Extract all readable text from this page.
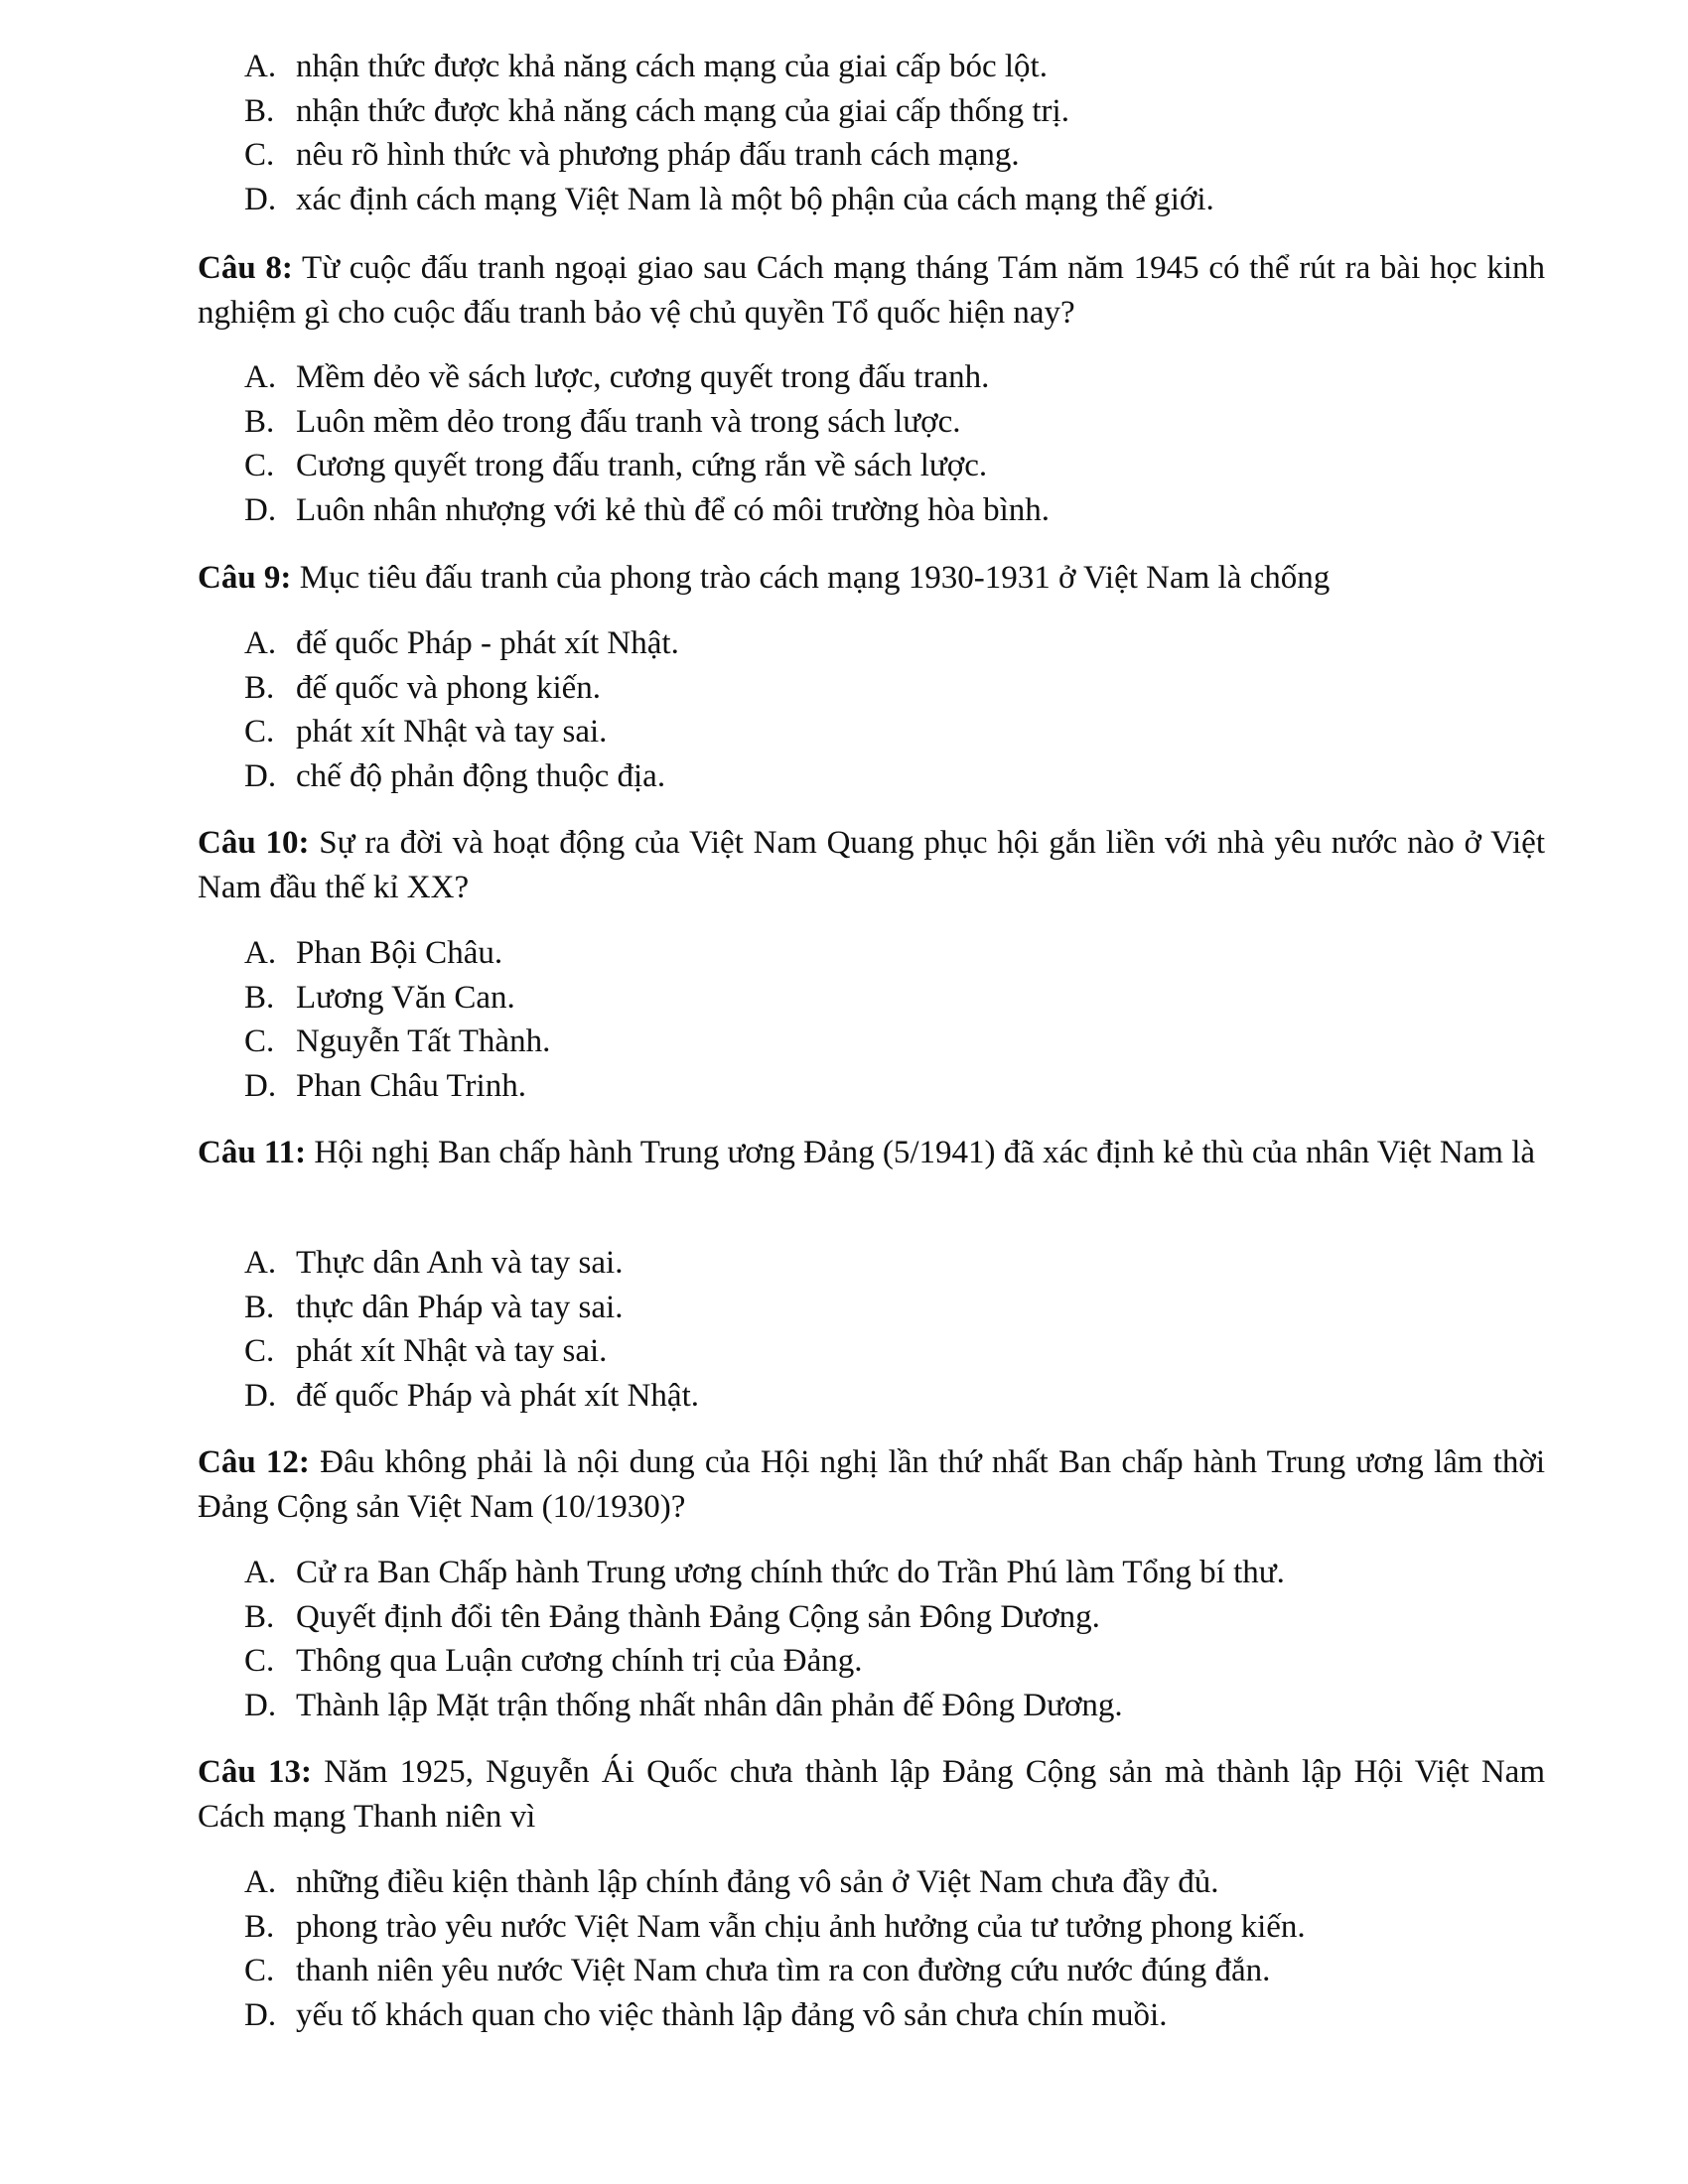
A. nhận thức được khả năng cách mạng của giai cấp bóc lột.
B. nhận thức được khả năng cách mạng của giai cấp thống trị.
C. nêu rõ hình thức và phương pháp đấu tranh cách mạng.
D. xác định cách mạng Việt Nam là một bộ phận của cách mạng thế giới.
Câu 8: Từ cuộc đấu tranh ngoại giao sau Cách mạng tháng Tám năm 1945 có thể rút ra bài học kinh nghiệm gì cho cuộc đấu tranh bảo vệ chủ quyền Tổ quốc hiện nay?
A. Mềm dẻo về sách lược, cương quyết trong đấu tranh.
B. Luôn mềm dẻo trong đấu tranh và trong sách lược.
C. Cương quyết trong đấu tranh, cứng rắn về sách lược.
D. Luôn nhân nhượng với kẻ thù để có môi trường hòa bình.
Câu 9: Mục tiêu đấu tranh của phong trào cách mạng 1930-1931 ở Việt Nam là chống
A. đế quốc Pháp - phát xít Nhật.
B. đế quốc và phong kiến.
C. phát xít Nhật và tay sai.
D. chế độ phản động thuộc địa.
Câu 10: Sự ra đời và hoạt động của Việt Nam Quang phục hội gắn liền với nhà yêu nước nào ở Việt Nam đầu thế kỉ XX?
A. Phan Bội Châu.
B. Lương Văn Can.
C. Nguyễn Tất Thành.
D. Phan Châu Trinh.
Câu 11: Hội nghị Ban chấp hành Trung ương Đảng (5/1941) đã xác định kẻ thù của nhân Việt Nam là
A. Thực dân Anh và tay sai.
B. thực dân Pháp và tay sai.
C. phát xít Nhật và tay sai.
D. đế quốc Pháp và phát xít Nhật.
Câu 12: Đâu không phải là nội dung của Hội nghị lần thứ nhất Ban chấp hành Trung ương lâm thời Đảng Cộng sản Việt Nam (10/1930)?
A. Cử ra Ban Chấp hành Trung ương chính thức do Trần Phú làm Tổng bí thư.
B. Quyết định đổi tên Đảng thành Đảng Cộng sản Đông Dương.
C. Thông qua Luận cương chính trị của Đảng.
D. Thành lập Mặt trận thống nhất nhân dân phản đế Đông Dương.
Câu 13: Năm 1925, Nguyễn Ái Quốc chưa thành lập Đảng Cộng sản mà thành lập Hội Việt Nam Cách mạng Thanh niên vì
A. những điều kiện thành lập chính đảng vô sản ở Việt Nam chưa đầy đủ.
B. phong trào yêu nước Việt Nam vẫn chịu ảnh hưởng của tư tưởng phong kiến.
C. thanh niên yêu nước Việt Nam chưa tìm ra con đường cứu nước đúng đắn.
D. yếu tố khách quan cho việc thành lập đảng vô sản chưa chín muồi.
